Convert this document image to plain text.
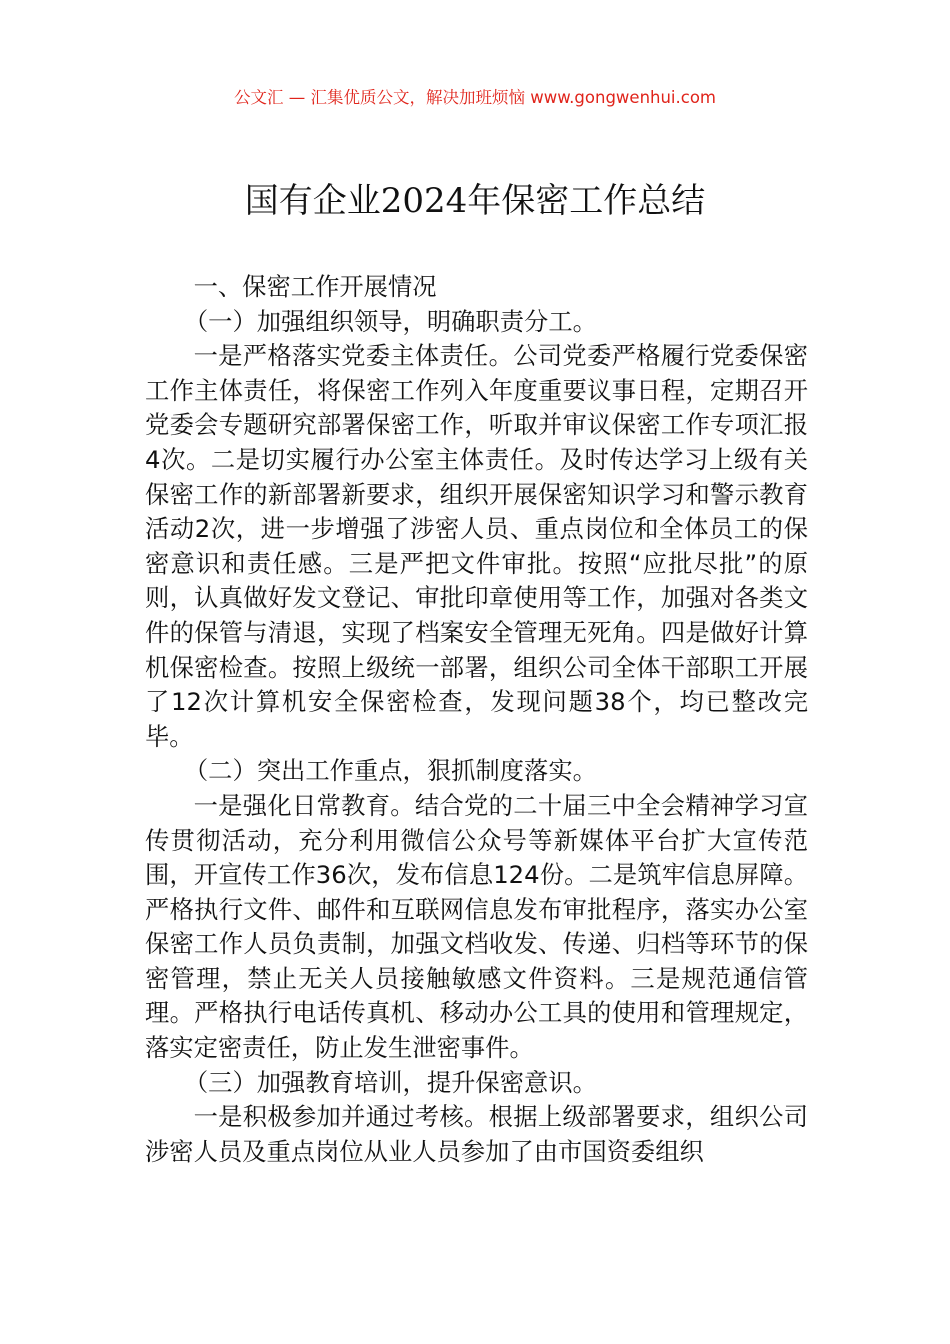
公文汇 — 汇集优质公文，解决加班烦恼 www.gongwenhui.com
国有企业2024年保密工作总结

一、保密工作开展情况

（一）加强组织领导，明确职责分工。

一是严格落实党委主体责任。公司党委严格履行党委保密工作主体责任，将保密工作列入年度重要议事日程，定期召开党委会专题研究部署保密工作，听取并审议保密工作专项汇报4次。二是切实履行办公室主体责任。及时传达学习上级有关保密工作的新部署新要求，组织开展保密知识学习和警示教育活动2次，进一步增强了涉密人员、重点岗位和全体员工的保密意识和责任感。三是严把文件审批。按照“应批尽批”的原则，认真做好发文登记、审批印章使用等工作，加强对各类文件的保管与清退，实现了档案安全管理无死角。四是做好计算机保密检查。按照上级统一部署，组织公司全体干部职工开展了12次计算机安全保密检查，发现问题38个，均已整改完毕。

（二）突出工作重点，狠抓制度落实。

一是强化日常教育。结合党的二十届三中全会精神学习宣传贯彻活动，充分利用微信公众号等新媒体平台扩大宣传范围，开宣传工作36次，发布信息124份。二是筑牢信息屏障。严格执行文件、邮件和互联网信息发布审批程序，落实办公室保密工作人员负责制，加强文档收发、传递、归档等环节的保密管理，禁止无关人员接触敏感文件资料。三是规范通信管理。严格执行电话传真机、移动办公工具的使用和管理规定，落实定密责任，防止发生泄密事件。

（三）加强教育培训，提升保密意识。

一是积极参加并通过考核。根据上级部署要求，组织公司涉密人员及重点岗位从业人员参加了由市国资委组织
